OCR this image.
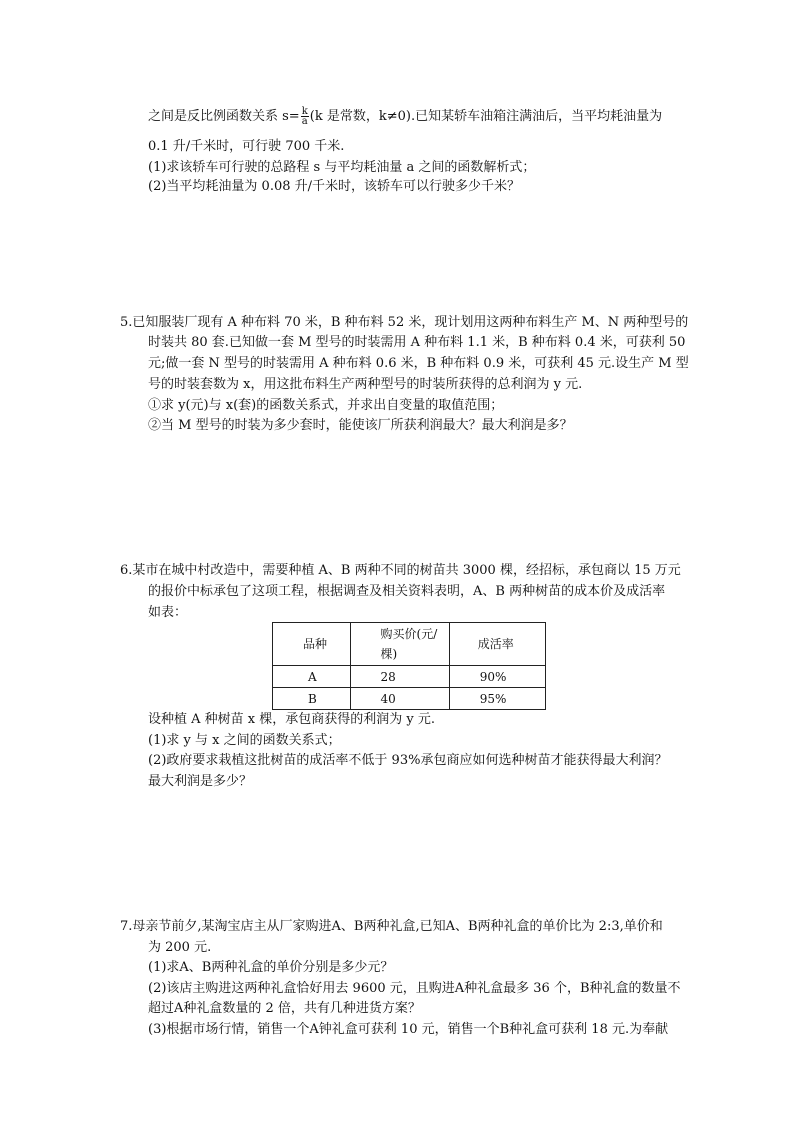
之间是反比例函数关系 $s= \frac{k}{a} (k$ 是常数，k≠0).已知某轿车油箱注满油后，当平均耗油量为
0.1 升/千米时，可行驶 700 千米.
(1)求该轿车可行驶的总路程 s 与平均耗油量 a 之间的函数解析式；
(2)当平均耗油量为 0.08 升/千米时，该轿车可以行驶多少千米？
5.已知服装厂现有 A 种布料 70 米，B 种布料 52 米，现计划用这两种布料生产 M、N 两种型号的
时装共 80 套.已知做一套 M 型号的时装需用 A 种布料 1.1 米，B 种布料 0.4 米，可获利 50
元;做一套 N 型号的时装需用 A 种布料 0.6 米，B 种布料 0.9 米，可获利 45 元.设生产 M 型
号的时装套数为 x，用这批布料生产两种型号的时装所获得的总利润为 y 元.
①求 y(元)与 x(套)的函数关系式，并求出自变量的取值范围；
②当 M 型号的时装为多少套时，能使该厂所获利润最大？最大利润是多？
6.某市在城中村改造中，需要种植 A、B 两种不同的树苗共 3000 棵，经招标，承包商以 15 万元
的报价中标承包了这项工程，根据调查及相关资料表明，A、B 两种树苗的成本价及成活率
如表：
品种	购买价(元/棵)	成活率
A	28	90%
B	40	95%
设种植 A 种树苗 x 棵，承包商获得的利润为 y 元.
(1)求 y 与 x 之间的函数关系式；
(2)政府要求栽植这批树苗的成活率不低于 93%承包商应如何选种树苗才能获得最大利润？
最大利润是多少？
7.母亲节前夕,某淘宝店主从厂家购进A、B两种礼盒,已知A、B两种礼盒的单价比为 2:3,单价和
为 200 元.
(1)求A、B两种礼盒的单价分别是多少元？
(2)该店主购进这两种礼盒恰好用去 9600 元，且购进A种礼盒最多 36 个，B种礼盒的数量不
超过A种礼盒数量的 2 倍，共有几种进货方案？
(3)根据市场行情，销售一个A钟礼盒可获利 10 元，销售一个B种礼盒可获利 18 元.为奉献
